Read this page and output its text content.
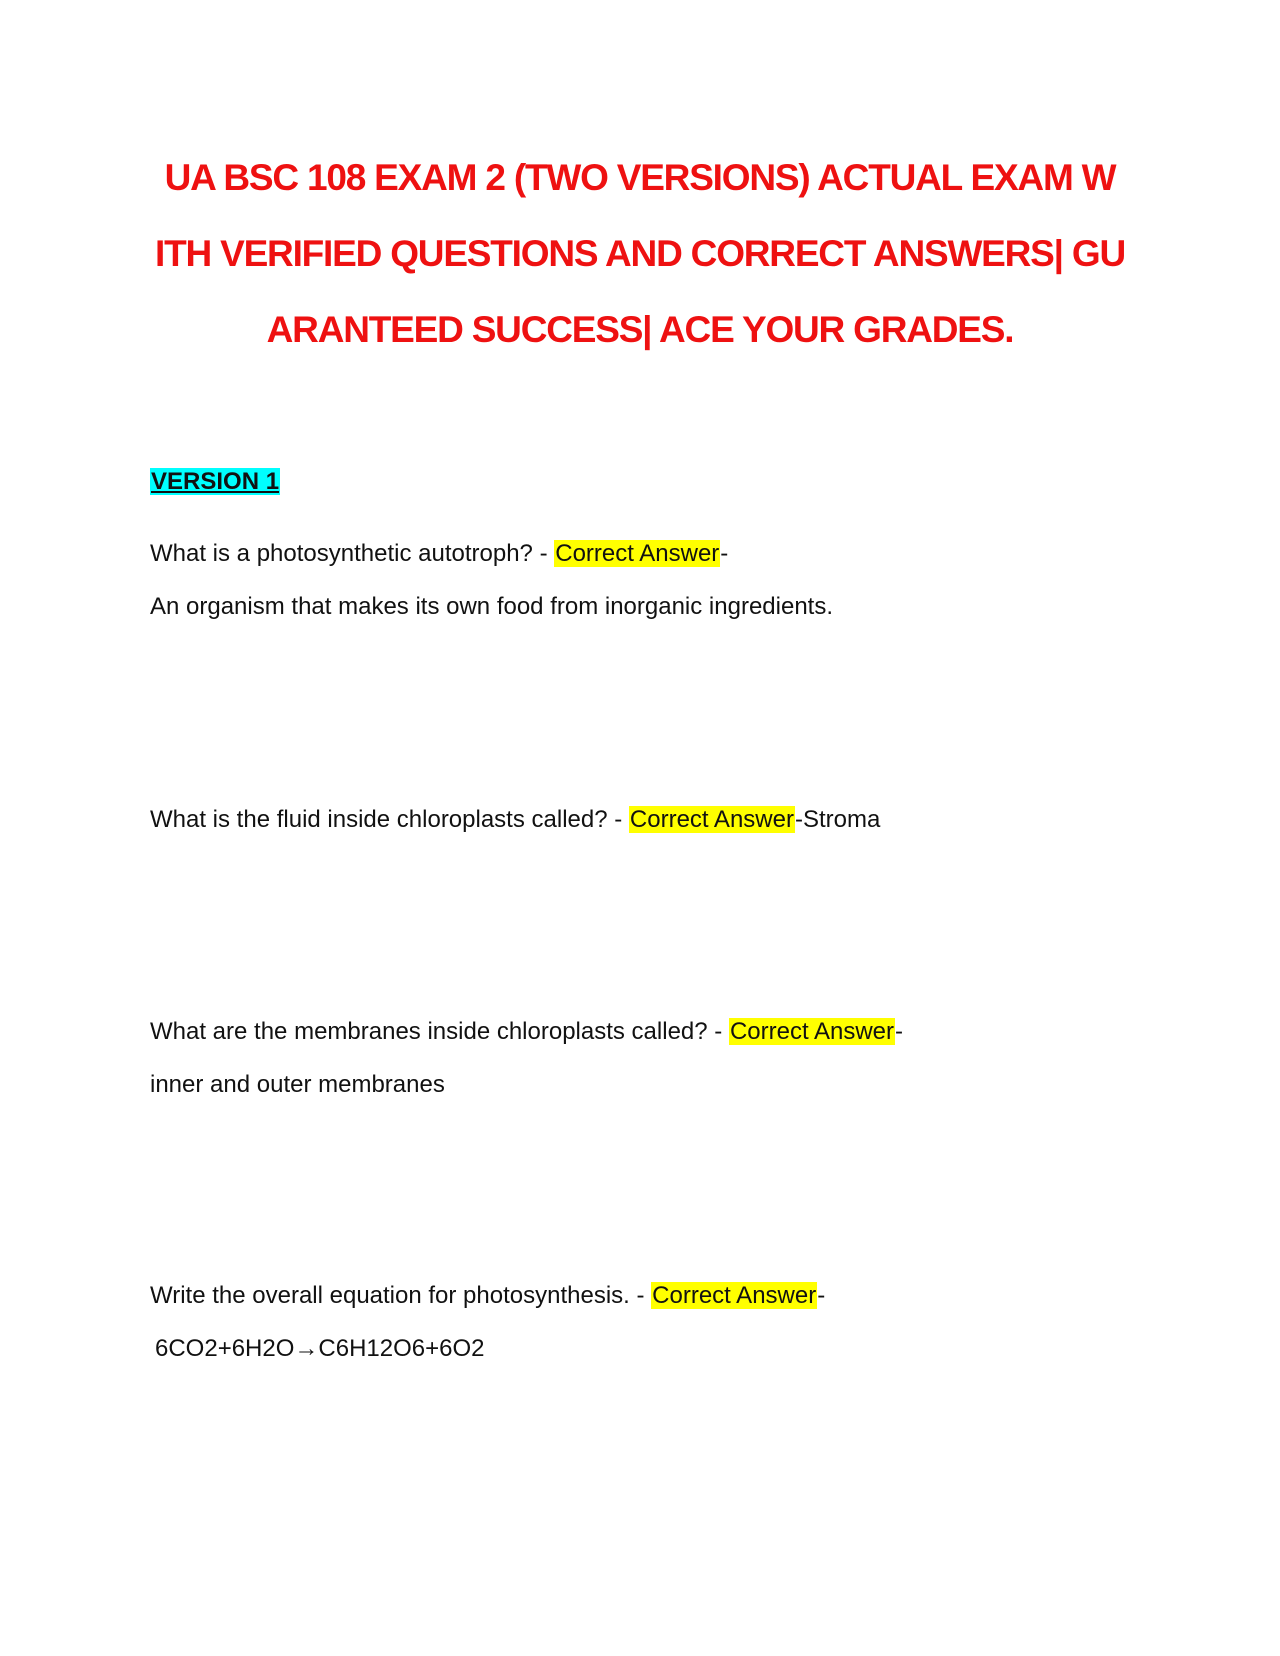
UA BSC 108 EXAM 2 (TWO VERSIONS) ACTUAL EXAM W
ITH VERIFIED QUESTIONS AND CORRECT ANSWERS| GU
ARANTEED SUCCESS| ACE YOUR GRADES.
VERSION 1
What is a photosynthetic autotroph? - Correct Answer-
An organism that makes its own food from inorganic ingredients.
What is the fluid inside chloroplasts called? - Correct Answer-Stroma
What are the membranes inside chloroplasts called? - Correct Answer-
inner and outer membranes
Write the overall equation for photosynthesis. - Correct Answer-
6CO2+6H2O→C6H12O6+6O2
